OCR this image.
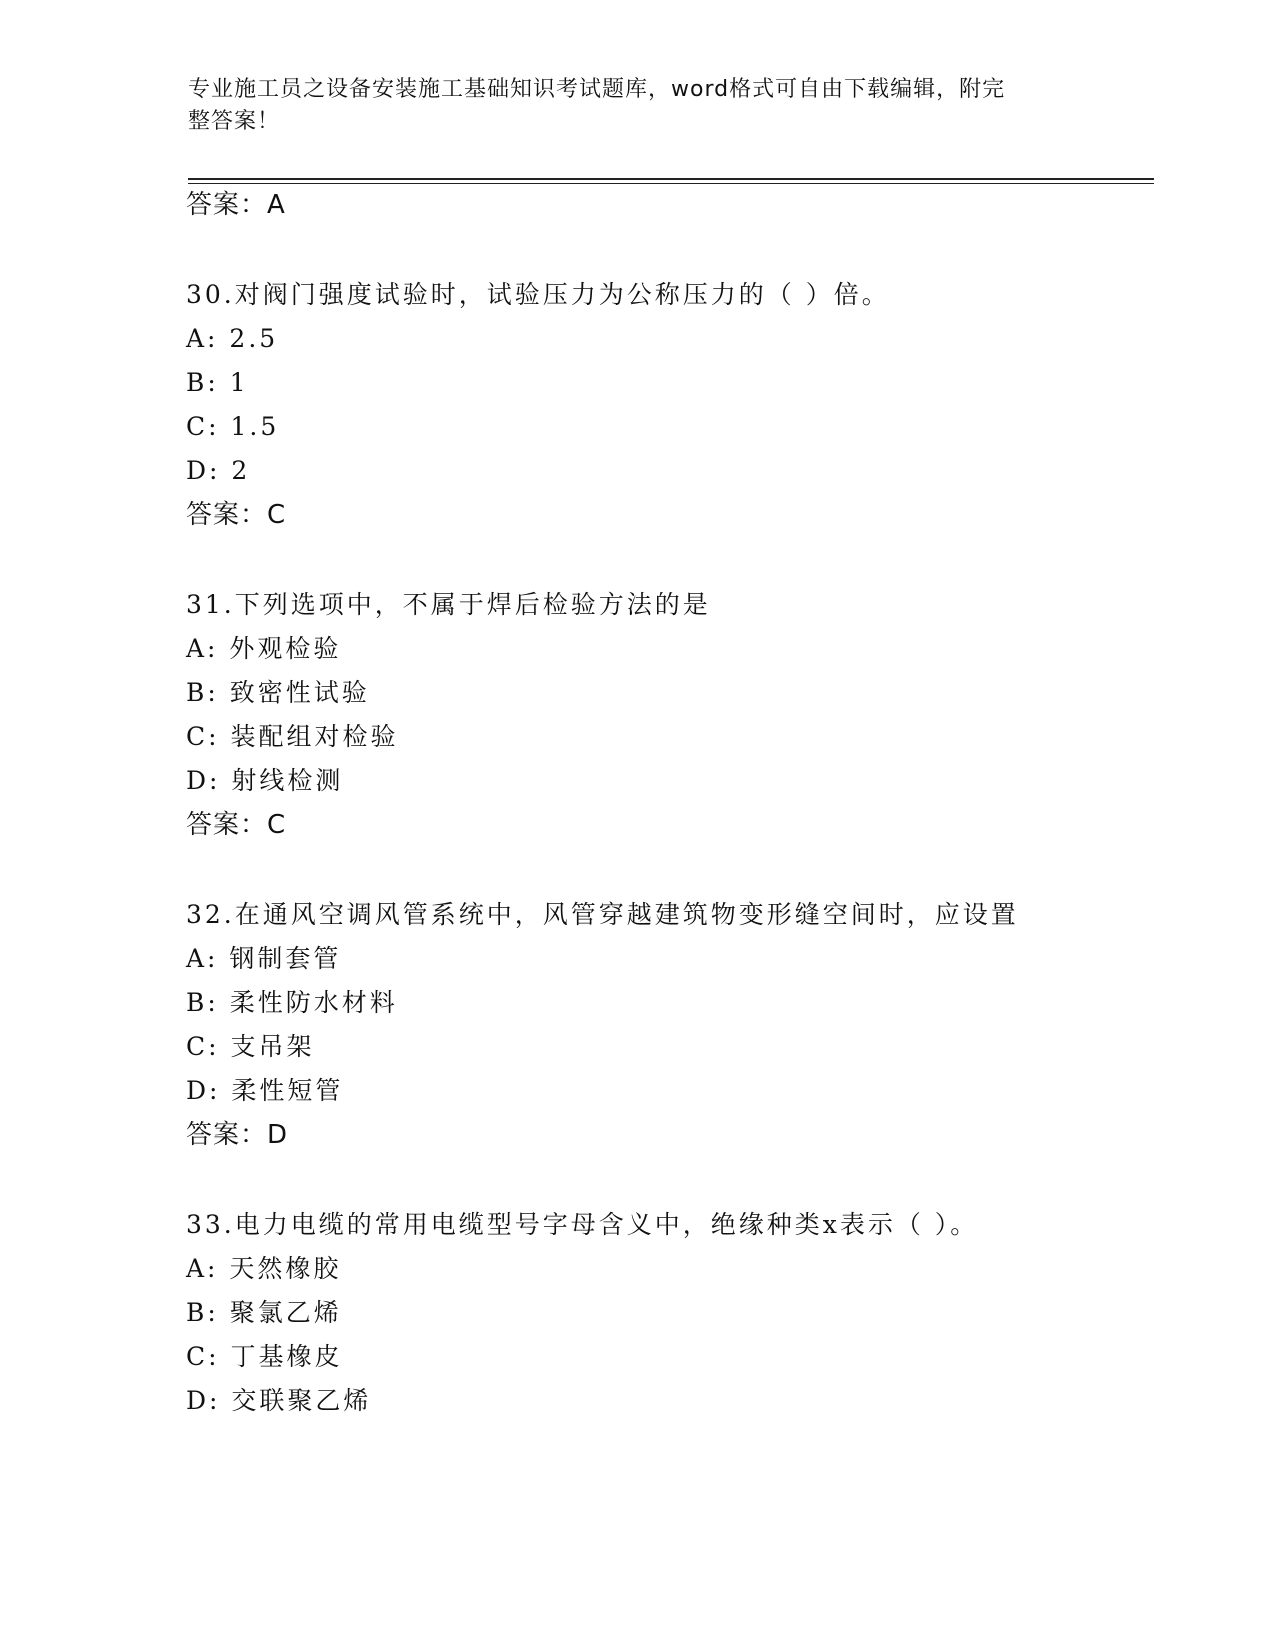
专业施工员之设备安装施工基础知识考试题库，word格式可自由下载编辑，附完
整答案！
答案：A
30.对阀门强度试验时，试验压力为公称压力的（ ）倍。
A: 2.5
B: 1
C: 1.5
D: 2
答案：C
31.下列选项中，不属于焊后检验方法的是
A: 外观检验
B: 致密性试验
C: 装配组对检验
D: 射线检测
答案：C
32.在通风空调风管系统中，风管穿越建筑物变形缝空间时，应设置
A: 钢制套管
B: 柔性防水材料
C: 支吊架
D: 柔性短管
答案：D
33.电力电缆的常用电缆型号字母含义中，绝缘种类x表示（ ）。
A: 天然橡胶
B: 聚氯乙烯
C: 丁基橡皮
D: 交联聚乙烯
